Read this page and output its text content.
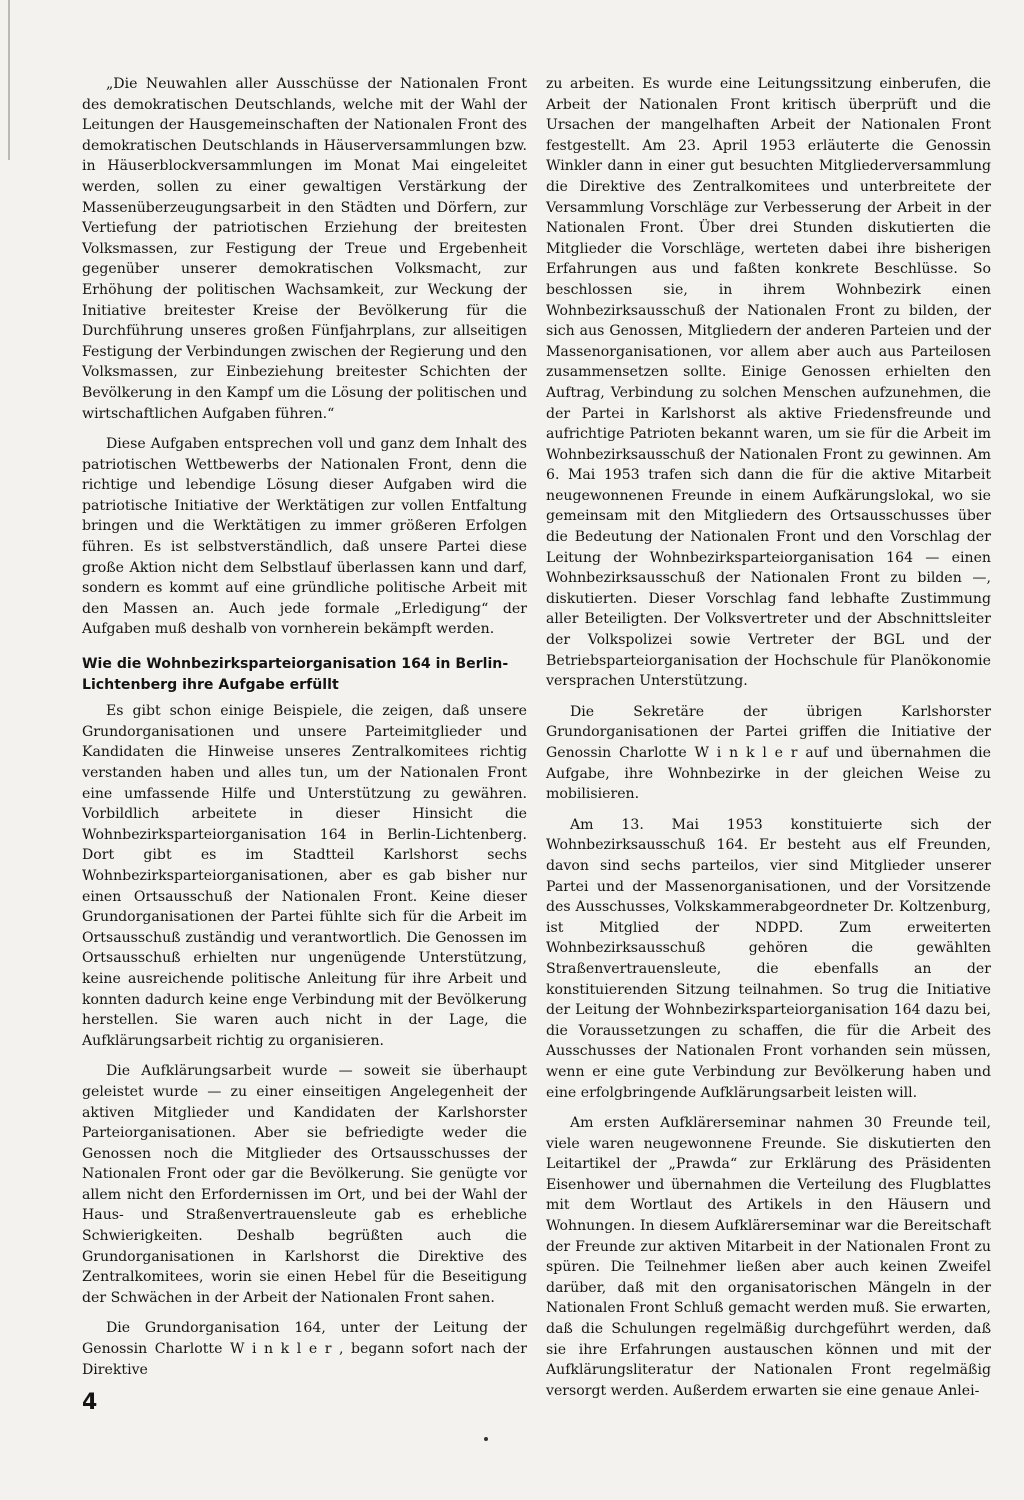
„Die Neuwahlen aller Ausschüsse der Nationalen Front des demokratischen Deutschlands, welche mit der Wahl der Leitungen der Hausgemeinschaften der Nationalen Front des demokratischen Deutschlands in Häuserversammlungen bzw. in Häuserblockversammlungen im Monat Mai eingeleitet werden, sollen zu einer gewaltigen Verstärkung der Massenüberzeugungsarbeit in den Städten und Dörfern, zur Vertiefung der patriotischen Erziehung der breitesten Volksmassen, zur Festigung der Treue und Ergebenheit gegenüber unserer demokratischen Volksmacht, zur Erhöhung der politischen Wachsamkeit, zur Weckung der Initiative breitester Kreise der Bevölkerung für die Durchführung unseres großen Fünfjahrplans, zur allseitigen Festigung der Verbindungen zwischen der Regierung und den Volksmassen, zur Einbeziehung breitester Schichten der Bevölkerung in den Kampf um die Lösung der politischen und wirtschaftlichen Aufgaben führen.“

Diese Aufgaben entsprechen voll und ganz dem Inhalt des patriotischen Wettbewerbs der Nationalen Front, denn die richtige und lebendige Lösung dieser Aufgaben wird die patriotische Initiative der Werktätigen zur vollen Entfaltung bringen und die Werktätigen zu immer größeren Erfolgen führen. Es ist selbstverständlich, daß unsere Partei diese große Aktion nicht dem Selbstlauf überlassen kann und darf, sondern es kommt auf eine gründliche politische Arbeit mit den Massen an. Auch jede formale „Erledigung“ der Aufgaben muß deshalb von vornherein bekämpft werden.

Wie die Wohnbezirksparteiorganisation 164 in Berlin-Lichtenberg ihre Aufgabe erfüllt

Es gibt schon einige Beispiele, die zeigen, daß unsere Grundorganisationen und unsere Parteimitglieder und Kandidaten die Hinweise unseres Zentralkomitees richtig verstanden haben und alles tun, um der Nationalen Front eine umfassende Hilfe und Unterstützung zu gewähren. Vorbildlich arbeitete in dieser Hinsicht die Wohnbezirksparteiorganisation 164 in Berlin-Lichtenberg. Dort gibt es im Stadtteil Karlshorst sechs Wohnbezirksparteiorganisationen, aber es gab bisher nur einen Ortsausschuß der Nationalen Front. Keine dieser Grundorganisationen der Partei fühlte sich für die Arbeit im Ortsausschuß zuständig und verantwortlich. Die Genossen im Ortsausschuß erhielten nur ungenügende Unterstützung, keine ausreichende politische Anleitung für ihre Arbeit und konnten dadurch keine enge Verbindung mit der Bevölkerung herstellen. Sie waren auch nicht in der Lage, die Aufklärungsarbeit richtig zu organisieren.

Die Aufklärungsarbeit wurde — soweit sie überhaupt geleistet wurde — zu einer einseitigen Angelegenheit der aktiven Mitglieder und Kandidaten der Karlshorster Parteiorganisationen. Aber sie befriedigte weder die Genossen noch die Mitglieder des Ortsausschusses der Nationalen Front oder gar die Bevölkerung. Sie genügte vor allem nicht den Erfordernissen im Ort, und bei der Wahl der Haus- und Straßenvertrauensleute gab es erhebliche Schwierigkeiten. Deshalb begrüßten auch die Grundorganisationen in Karlshorst die Direktive des Zentralkomitees, worin sie einen Hebel für die Beseitigung der Schwächen in der Arbeit der Nationalen Front sahen.

Die Grundorganisation 164, unter der Leitung der Genossin Charlotte W i n k l e r , begann sofort nach der Direktive

zu arbeiten. Es wurde eine Leitungssitzung einberufen, die Arbeit der Nationalen Front kritisch überprüft und die Ursachen der mangelhaften Arbeit der Nationalen Front festgestellt. Am 23. April 1953 erläuterte die Genossin Winkler dann in einer gut besuchten Mitgliederversammlung die Direktive des Zentralkomitees und unterbreitete der Versammlung Vorschläge zur Verbesserung der Arbeit in der Nationalen Front. Über drei Stunden diskutierten die Mitglieder die Vorschläge, werteten dabei ihre bisherigen Erfahrungen aus und faßten konkrete Beschlüsse. So beschlossen sie, in ihrem Wohnbezirk einen Wohnbezirksausschuß der Nationalen Front zu bilden, der sich aus Genossen, Mitgliedern der anderen Parteien und der Massenorganisationen, vor allem aber auch aus Parteilosen zusammensetzen sollte. Einige Genossen erhielten den Auftrag, Verbindung zu solchen Menschen aufzunehmen, die der Partei in Karlshorst als aktive Friedensfreunde und aufrichtige Patrioten bekannt waren, um sie für die Arbeit im Wohnbezirksausschuß der Nationalen Front zu gewinnen. Am 6. Mai 1953 trafen sich dann die für die aktive Mitarbeit neugewonnenen Freunde in einem Aufkärungslokal, wo sie gemeinsam mit den Mitgliedern des Ortsausschusses über die Bedeutung der Nationalen Front und den Vorschlag der Leitung der Wohnbezirksparteiorganisation 164 — einen Wohnbezirksausschuß der Nationalen Front zu bilden —, diskutierten. Dieser Vorschlag fand lebhafte Zustimmung aller Beteiligten. Der Volksvertreter und der Abschnittsleiter der Volkspolizei sowie Vertreter der BGL und der Betriebsparteiorganisation der Hochschule für Planökonomie versprachen Unterstützung.

Die Sekretäre der übrigen Karlshorster Grundorganisationen der Partei griffen die Initiative der Genossin Charlotte W i n k l e r auf und übernahmen die Aufgabe, ihre Wohnbezirke in der gleichen Weise zu mobilisieren.

Am 13. Mai 1953 konstituierte sich der Wohnbezirksausschuß 164. Er besteht aus elf Freunden, davon sind sechs parteilos, vier sind Mitglieder unserer Partei und der Massenorganisationen, und der Vorsitzende des Ausschusses, Volkskammerabgeordneter Dr. Koltzenburg, ist Mitglied der NDPD. Zum erweiterten Wohnbezirksausschuß gehören die gewählten Straßenvertrauensleute, die ebenfalls an der konstituierenden Sitzung teilnahmen. So trug die Initiative der Leitung der Wohnbezirksparteiorganisation 164 dazu bei, die Voraussetzungen zu schaffen, die für die Arbeit des Ausschusses der Nationalen Front vorhanden sein müssen, wenn er eine gute Verbindung zur Bevölkerung haben und eine erfolgbringende Aufklärungsarbeit leisten will.

Am ersten Aufklärerseminar nahmen 30 Freunde teil, viele waren neugewonnene Freunde. Sie diskutierten den Leitartikel der „Prawda“ zur Erklärung des Präsidenten Eisenhower und übernahmen die Verteilung des Flugblattes mit dem Wortlaut des Artikels in den Häusern und Wohnungen. In diesem Aufklärerseminar war die Bereitschaft der Freunde zur aktiven Mitarbeit in der Nationalen Front zu spüren. Die Teilnehmer ließen aber auch keinen Zweifel darüber, daß mit den organisatorischen Mängeln in der Nationalen Front Schluß gemacht werden muß. Sie erwarten, daß die Schulungen regelmäßig durchgeführt werden, daß sie ihre Erfahrungen austauschen können und mit der Aufklärungsliteratur der Nationalen Front regelmäßig versorgt werden. Außerdem erwarten sie eine genaue Anlei-

4
